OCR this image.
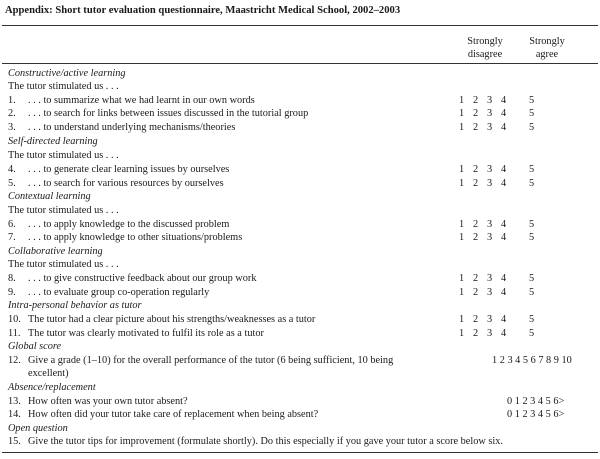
Appendix: Short tutor evaluation questionnaire, Maastricht Medical School, 2002–2003
Strongly
disagree
Strongly
agree
Constructive/active learning
The tutor stimulated us . . .
1. . . . to summarize what we had learnt in our own words	1 2 3 4 5
2. . . . to search for links between issues discussed in the tutorial group	1 2 3 4 5
3. . . . to understand underlying mechanisms/theories	1 2 3 4 5
Self-directed learning
The tutor stimulated us . . .
4. . . . to generate clear learning issues by ourselves	1 2 3 4 5
5. . . . to search for various resources by ourselves	1 2 3 4 5
Contextual learning
The tutor stimulated us . . .
6. . . . to apply knowledge to the discussed problem	1 2 3 4 5
7. . . . to apply knowledge to other situations/problems	1 2 3 4 5
Collaborative learning
The tutor stimulated us . . .
8. . . . to give constructive feedback about our group work	1 2 3 4 5
9. . . . to evaluate group co-operation regularly	1 2 3 4 5
Intra-personal behavior as tutor
10. The tutor had a clear picture about his strengths/weaknesses as a tutor	1 2 3 4 5
11. The tutor was clearly motivated to fulfil its role as a tutor	1 2 3 4 5
Global score
12. Give a grade (1–10) for the overall performance of the tutor (6 being sufficient, 10 being	1 2 3 4 5 6 7 8 9 10
excellent)
Absence/replacement
13. How often was your own tutor absent?	0 1 2 3 4 5 6>
14. How often did your tutor take care of replacement when being absent?	0 1 2 3 4 5 6>
Open question
15. Give the tutor tips for improvement (formulate shortly). Do this especially if you gave your tutor a score below six.
